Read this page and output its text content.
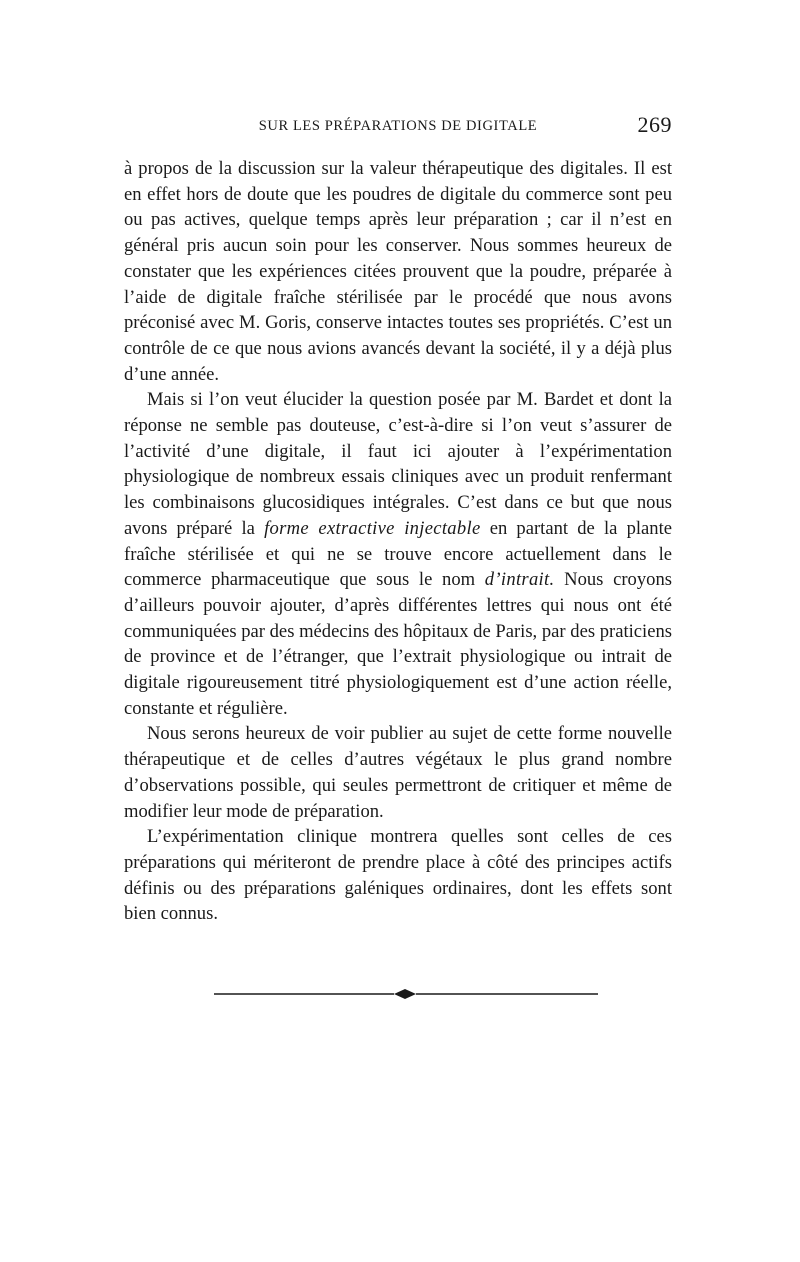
SUR LES PRÉPARATIONS DE DIGITALE	269

à propos de la discussion sur la valeur thérapeutique des digitales. Il est en effet hors de doute que les poudres de digitale du commerce sont peu ou pas actives, quelque temps après leur préparation ; car il n’est en général pris aucun soin pour les conserver. Nous sommes heureux de constater que les expériences citées prouvent que la poudre, préparée à l’aide de digitale fraîche stérilisée par le procédé que nous avons préconisé avec M. Goris, conserve intactes toutes ses propriétés. C’est un contrôle de ce que nous avions avancés devant la société, il y a déjà plus d’une année.

Mais si l’on veut élucider la question posée par M. Bardet et dont la réponse ne semble pas douteuse, c’est-à-dire si l’on veut s’assurer de l’activité d’une digitale, il faut ici ajouter à l’expérimentation physiologique de nombreux essais cliniques avec un produit renfermant les combinaisons glucosidiques intégrales. C’est dans ce but que nous avons préparé la forme extractive injectable en partant de la plante fraîche stérilisée et qui ne se trouve encore actuellement dans le commerce pharmaceutique que sous le nom d’intrait. Nous croyons d’ailleurs pouvoir ajouter, d’après différentes lettres qui nous ont été communiquées par des médecins des hôpitaux de Paris, par des praticiens de province et de l’étranger, que l’extrait physiologique ou intrait de digitale rigoureusement titré physiologiquement est d’une action réelle, constante et régulière.

Nous serons heureux de voir publier au sujet de cette forme nouvelle thérapeutique et de celles d’autres végétaux le plus grand nombre d’observations possible, qui seules permettront de critiquer et même de modifier leur mode de préparation.

L’expérimentation clinique montrera quelles sont celles de ces préparations qui mériteront de prendre place à côté des principes actifs définis ou des préparations galéniques ordinaires, dont les effets sont bien connus.
